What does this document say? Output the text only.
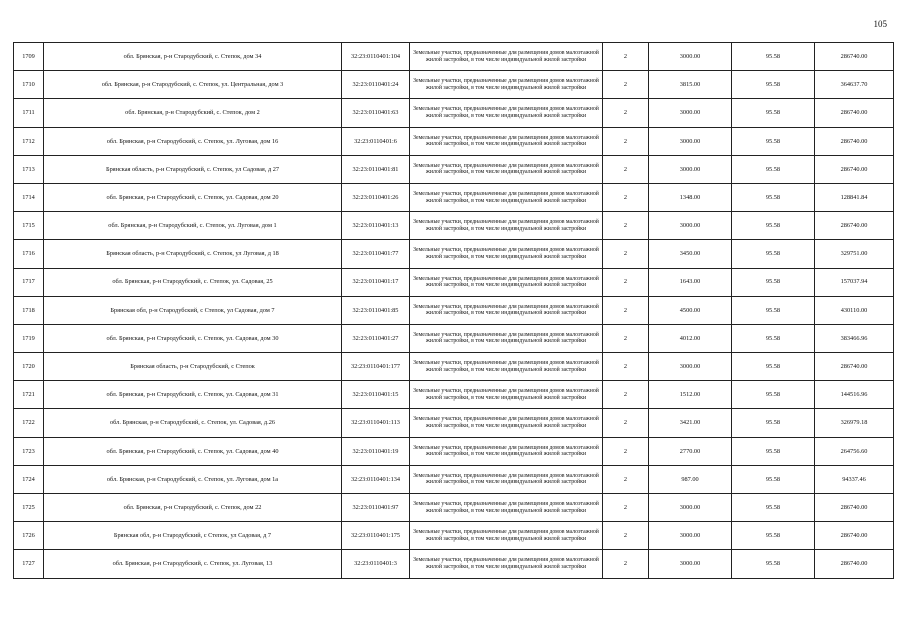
105
1709	обл. Брянская, р-н Стародубский, с. Степок, дом 34	32:23:0110401:104	Земельные участки, предназначенные для размещения домов малоэтажной жилой застройки, в том числе индивидуальной жилой застройки	2	3000.00	95.58	286740.00
1710	обл. Брянская, р-н Стародубский, с. Степок, ул. Центральная, дом 3	32:23:0110401:24	Земельные участки, предназначенные для размещения домов малоэтажной жилой застройки, в том числе индивидуальной жилой застройки	2	3815.00	95.58	364637.70
1711	обл. Брянская, р-н Стародубский, с. Степок, дом 2	32:23:0110401:63	Земельные участки, предназначенные для размещения домов малоэтажной жилой застройки, в том числе индивидуальной жилой застройки	2	3000.00	95.58	286740.00
1712	обл. Брянская, р-н Стародубский, с. Степок, ул. Луговая, дом 16	32:23:0110401:6	Земельные участки, предназначенные для размещения домов малоэтажной жилой застройки, в том числе индивидуальной жилой застройки	2	3000.00	95.58	286740.00
1713	Брянская область, р-н Стародубский, с. Степок, ул Садовая, д 27	32:23:0110401:81	Земельные участки, предназначенные для размещения домов малоэтажной жилой застройки, в том числе индивидуальной жилой застройки	2	3000.00	95.58	286740.00
1714	обл. Брянская, р-н Стародубский, с. Степок, ул. Садовая, дом 20	32:23:0110401:26	Земельные участки, предназначенные для размещения домов малоэтажной жилой застройки, в том числе индивидуальной жилой застройки	2	1348.00	95.58	128841.84
1715	обл. Брянская, р-н Стародубский, с. Степок, ул. Луговая, дом 1	32:23:0110401:13	Земельные участки, предназначенные для размещения домов малоэтажной жилой застройки, в том числе индивидуальной жилой застройки	2	3000.00	95.58	286740.00
1716	Брянская область, р-н Стародубский, с. Степок, ул Луговая, д 18	32:23:0110401:77	Земельные участки, предназначенные для размещения домов малоэтажной жилой застройки, в том числе индивидуальной жилой застройки	2	3450.00	95.58	329751.00
1717	обл. Брянская, р-н Стародубский, с. Степок, ул. Садовая, 25	32:23:0110401:17	Земельные участки, предназначенные для размещения домов малоэтажной жилой застройки, в том числе индивидуальной жилой застройки	2	1643.00	95.58	157037.94
1718	Брянская обл, р-н Стародубский, с Степок, ул Садовая, дом 7	32:23:0110401:85	Земельные участки, предназначенные для размещения домов малоэтажной жилой застройки, в том числе индивидуальной жилой застройки	2	4500.00	95.58	430110.00
1719	обл. Брянская, р-н Стародубский, с. Степок, ул. Садовая, дом 30	32:23:0110401:27	Земельные участки, предназначенные для размещения домов малоэтажной жилой застройки, в том числе индивидуальной жилой застройки	2	4012.00	95.58	383466.96
1720	Брянская область, р-н Стародубский, с Степок	32:23:0110401:177	Земельные участки, предназначенные для размещения домов малоэтажной жилой застройки, в том числе индивидуальной жилой застройки	2	3000.00	95.58	286740.00
1721	обл. Брянская, р-н Стародубский, с. Степок, ул. Садовая, дом 31	32:23:0110401:15	Земельные участки, предназначенные для размещения домов малоэтажной жилой застройки, в том числе индивидуальной жилой застройки	2	1512.00	95.58	144516.96
1722	обл. Брянская, р-н Стародубский, с. Степок, ул. Садовая, д.26	32:23:0110401:113	Земельные участки, предназначенные для размещения домов малоэтажной жилой застройки, в том числе индивидуальной жилой застройки	2	3421.00	95.58	326979.18
1723	обл. Брянская, р-н Стародубский, с. Степок, ул. Садовая, дом 40	32:23:0110401:19	Земельные участки, предназначенные для размещения домов малоэтажной жилой застройки, в том числе индивидуальной жилой застройки	2	2770.00	95.58	264756.60
1724	обл. Брянская, р-н Стародубский, с. Степок, ул. Луговая, дом 1а	32:23:0110401:134	Земельные участки, предназначенные для размещения домов малоэтажной жилой застройки, в том числе индивидуальной жилой застройки	2	987.00	95.58	94337.46
1725	обл. Брянская, р-н Стародубский, с. Степок, дом 22	32:23:0110401:97	Земельные участки, предназначенные для размещения домов малоэтажной жилой застройки, в том числе индивидуальной жилой застройки	2	3000.00	95.58	286740.00
1726	Брянская обл, р-н Стародубский, с Степок, ул Садовая, д 7	32:23:0110401:175	Земельные участки, предназначенные для размещения домов малоэтажной жилой застройки, в том числе индивидуальной жилой застройки	2	3000.00	95.58	286740.00
1727	обл. Брянская, р-н Стародубский, с. Степок, ул. Луговая, 13	32:23:0110401:3	Земельные участки, предназначенные для размещения домов малоэтажной жилой застройки, в том числе индивидуальной жилой застройки	2	3000.00	95.58	286740.00
